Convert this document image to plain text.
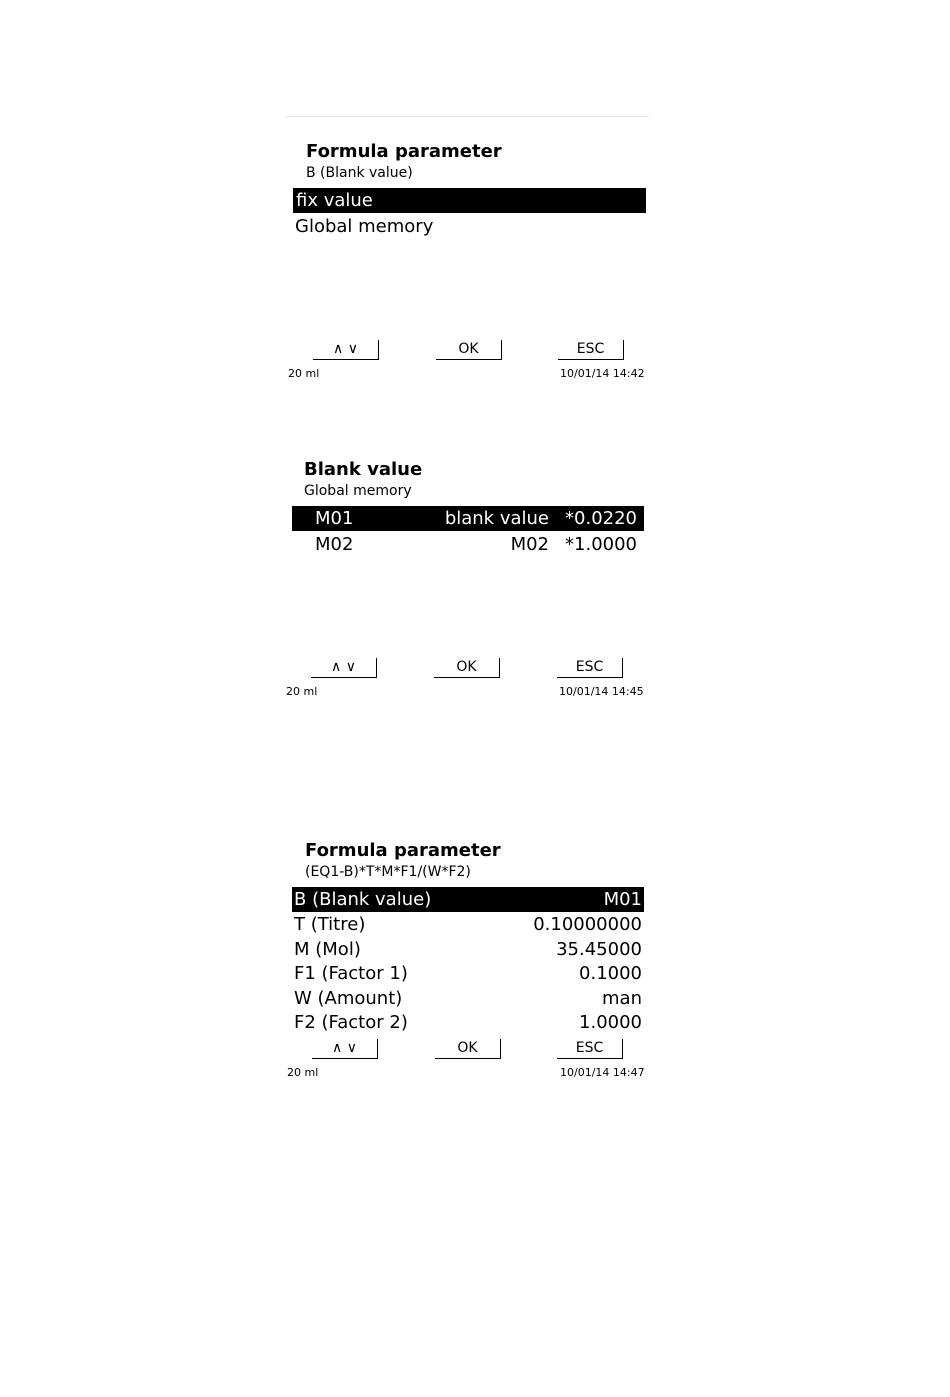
Formula parameter
B (Blank value)
fix value
Global memory
∧ ∨	OK	ESC
20 ml	10/01/14 14:42
Blank value
Global memory
M01	blank value *0.0220
M02	M02 *1.0000
∧ ∨	OK	ESC
20 ml	10/01/14 14:45
Formula parameter
(EQ1-B)*T*M*F1/(W*F2)
B (Blank value)	M01
T (Titre)	0.10000000
M (Mol)	35.45000
F1 (Factor 1)	0.1000
W (Amount)	man
F2 (Factor 2)	1.0000
∧ ∨	OK	ESC
20 ml	10/01/14 14:47
